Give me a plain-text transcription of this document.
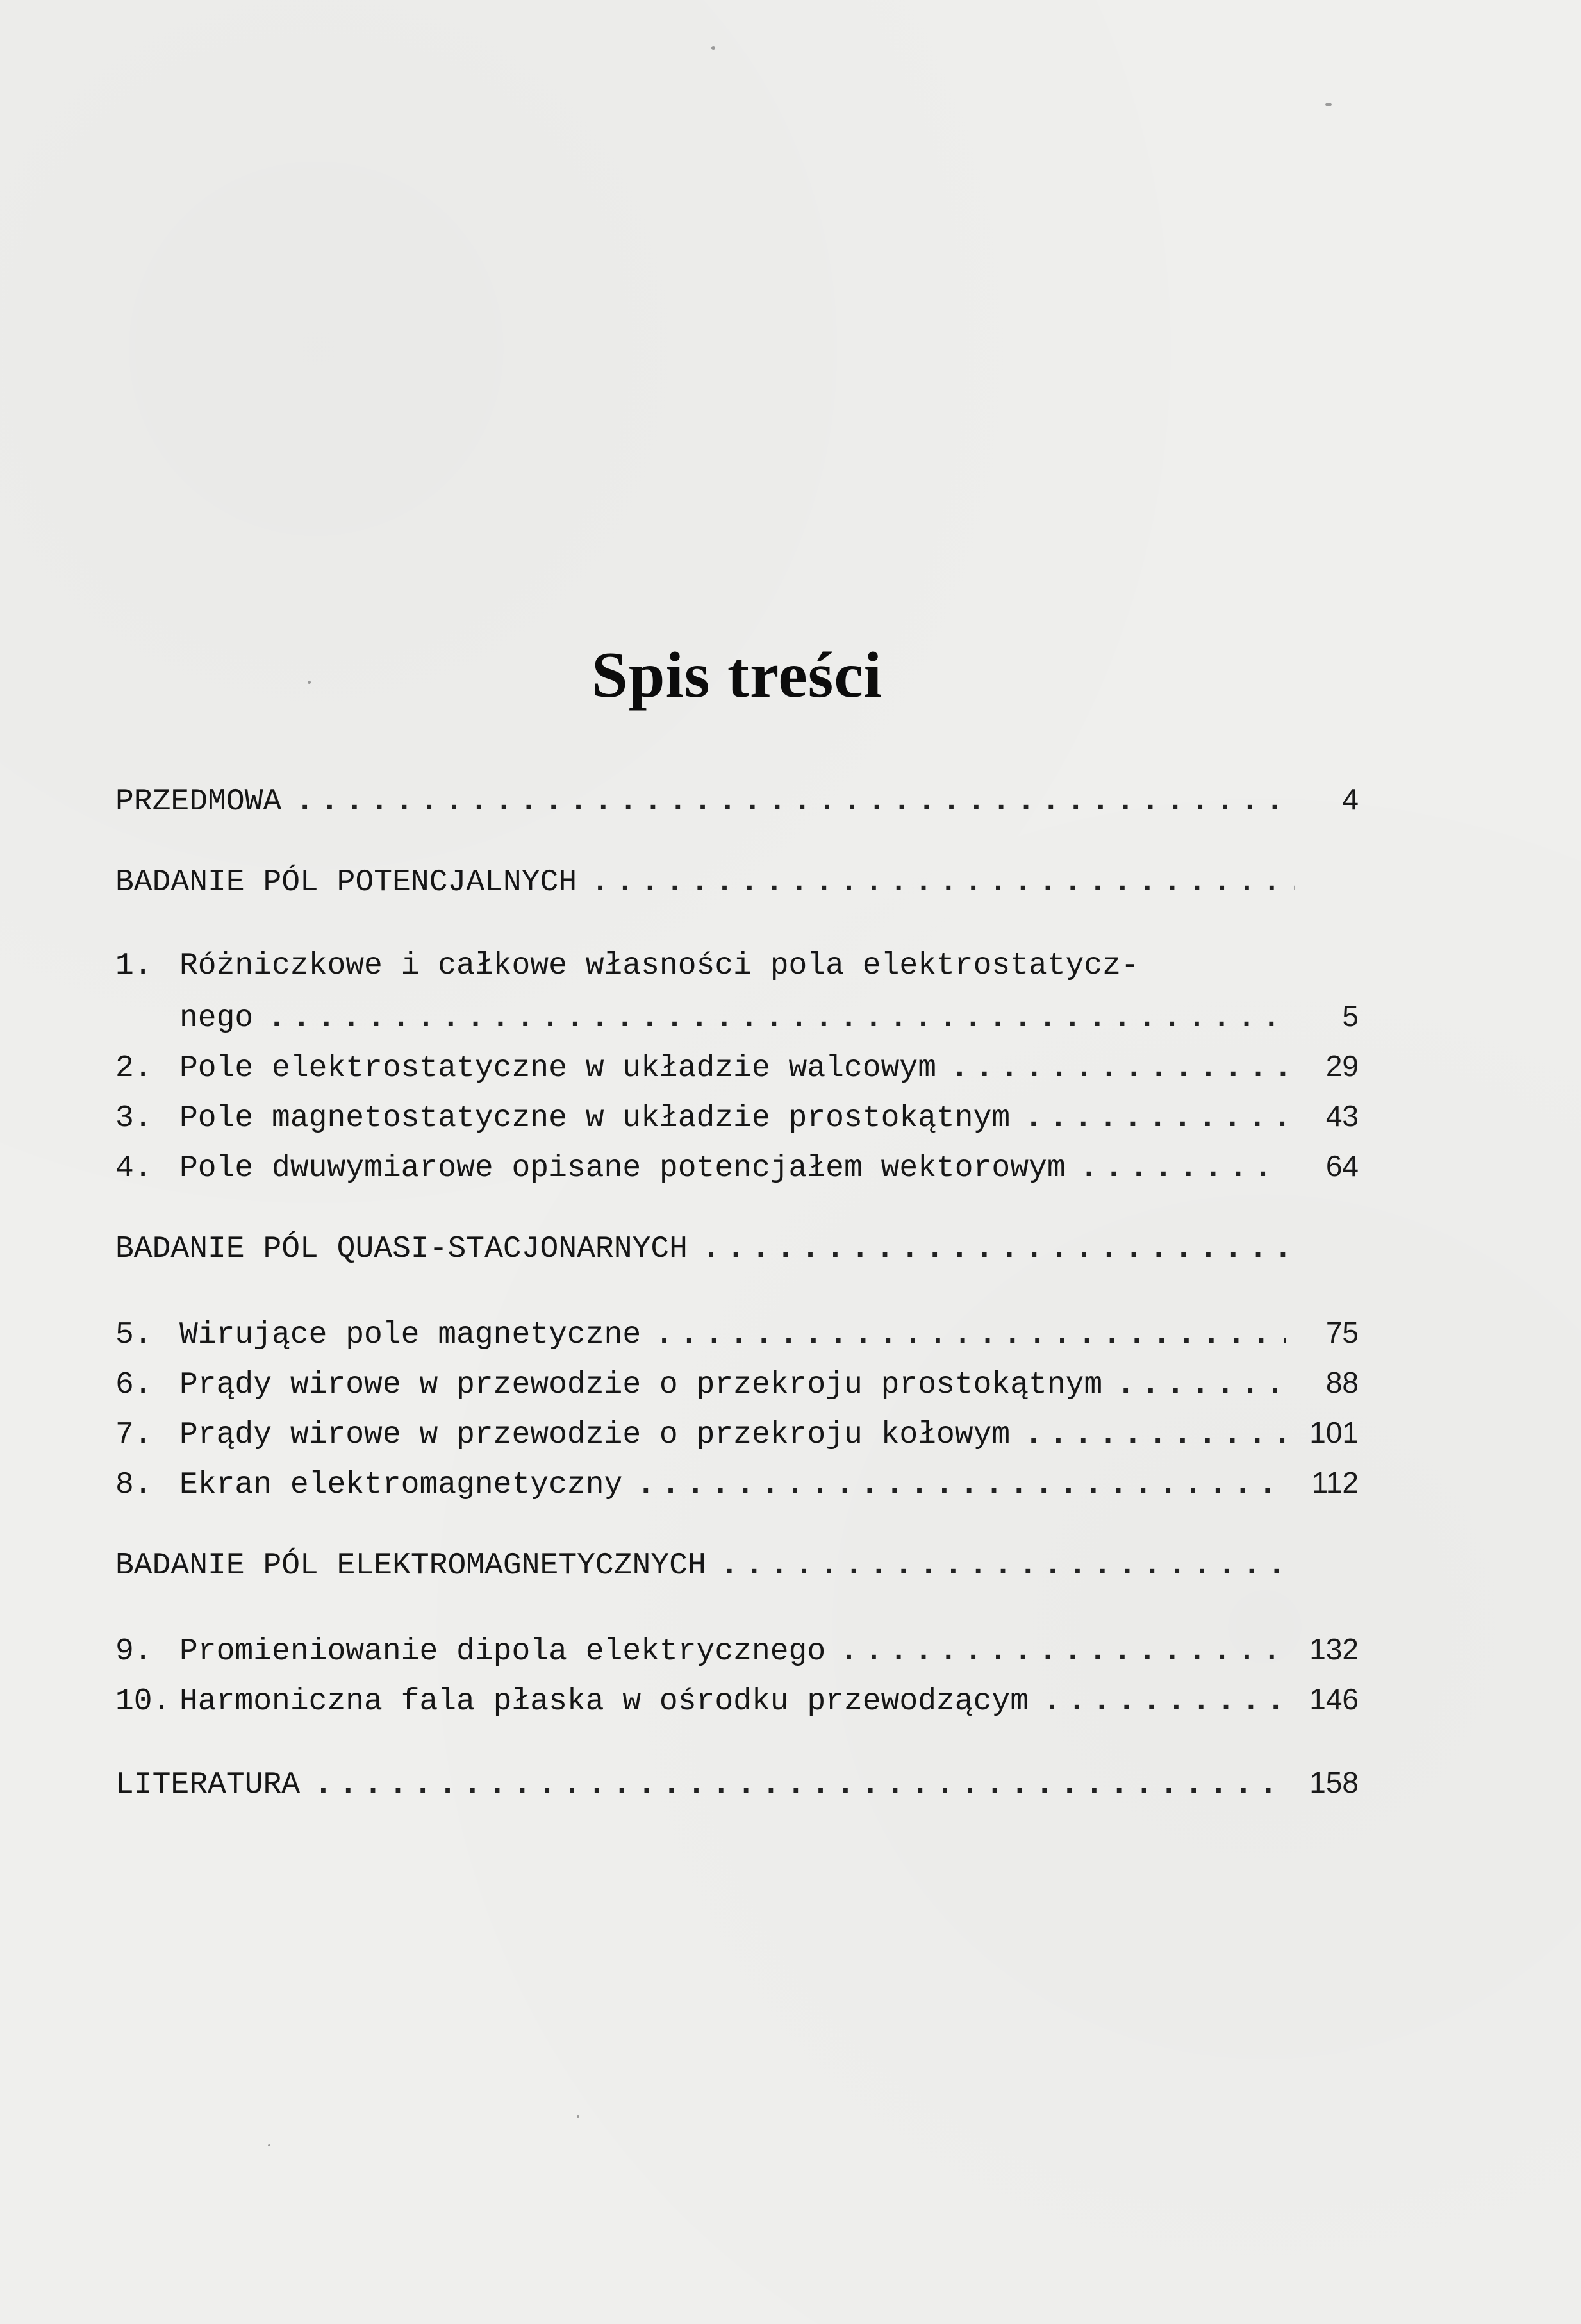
Spis treści
PRZEDMOWA .....	4
BADANIE PÓL POTENCJALNYCH
.....
1. Różniczkowe i całkowe własności pola elektrostatycz-
nego .....	5
2. Pole elektrostatyczne w układzie walcowym .....	29
3. Pole magnetostatyczne w układzie prostokątnym .....	43
4. Pole dwuwymiarowe opisane potencjałem wektorowym .....	64
BADANIE PÓL QUASI-STACJONARNYCH
.....
5. Wirujące pole magnetyczne .....	75
6. Prądy wirowe w przewodzie o przekroju prostokątnym .....	88
7. Prądy wirowe w przewodzie o przekroju kołowym .....	101
8. Ekran elektromagnetyczny .....	112
BADANIE PÓL ELEKTROMAGNETYCZNYCH
.....
9. Promieniowanie dipola elektrycznego .....	132
10. Harmoniczna fala płaska w ośrodku przewodzącym .....	146
LITERATURA .....	158
